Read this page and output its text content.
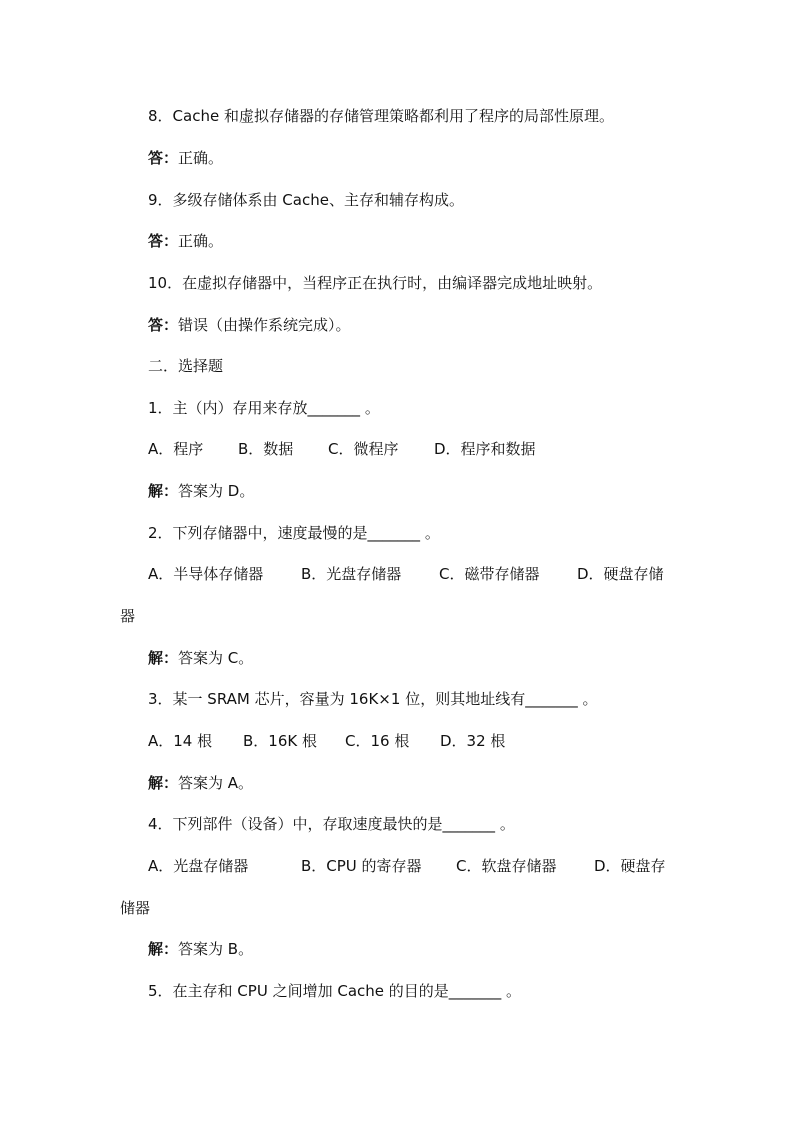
8．Cache 和虚拟存储器的存储管理策略都利用了程序的局部性原理。
答：正确。
9．多级存储体系由 Cache、主存和辅存构成。
答：正确。
10．在虚拟存储器中，当程序正在执行时，由编译器完成地址映射。
答：错误（由操作系统完成）。
二．选择题
1．主（内）存用来存放_______ 。
A．程序 B．数据 C．微程序 D．程序和数据
解：答案为 D。
2．下列存储器中，速度最慢的是_______ 。
A．半导体存储器	B．光盘存储器	C．磁带存储器	D．硬盘存储
器
解：答案为 C。
3．某一 SRAM 芯片，容量为 16K×1 位，则其地址线有_______ 。
A．14 根 B．16K 根 C．16 根 D．32 根
解：答案为 A。
4．下列部件（设备）中，存取速度最快的是_______ 。
A．光盘存储器	B．CPU 的寄存器 C．软盘存储器	D．硬盘存
储器
解：答案为 B。
5．在主存和 CPU 之间增加 Cache 的目的是_______ 。
